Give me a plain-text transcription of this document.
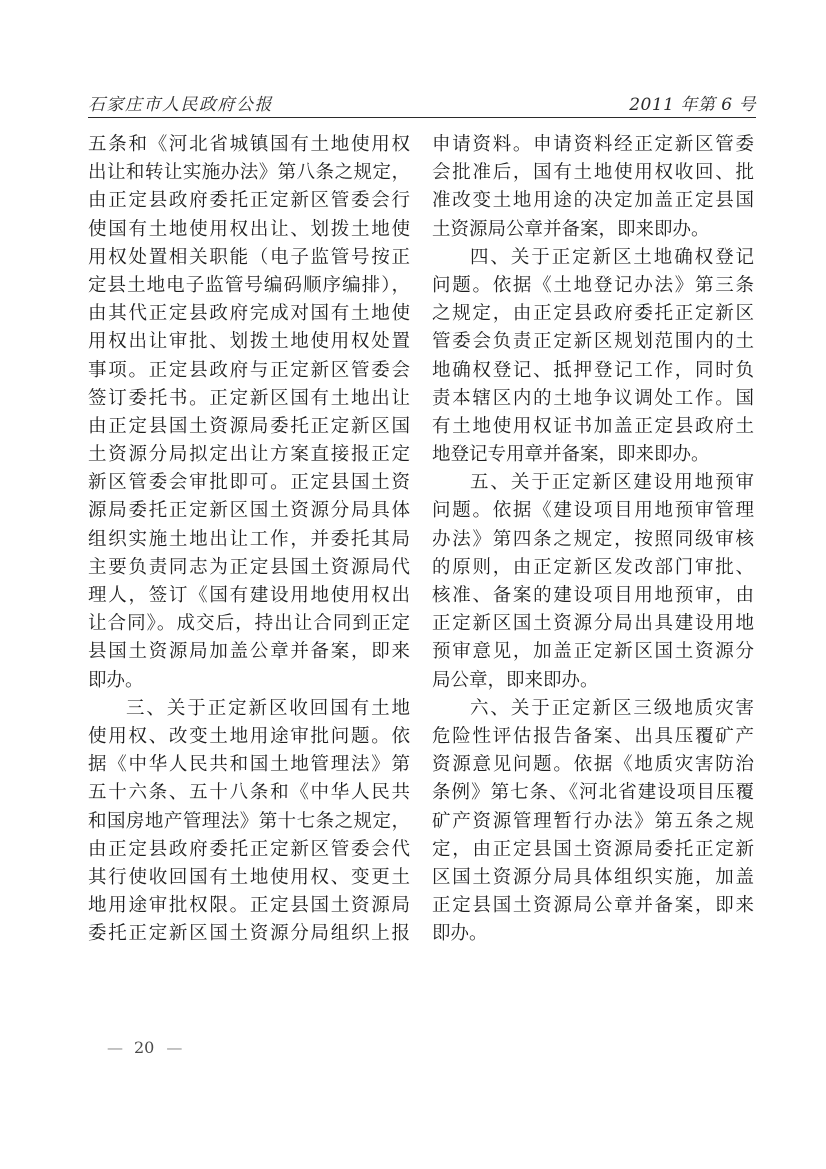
石家庄市人民政府公报	2011 年第 6 号
五条和《河北省城镇国有土地使用权
出让和转让实施办法》第八条之规定，
由正定县政府委托正定新区管委会行
使国有土地使用权出让、划拨土地使
用权处置相关职能（电子监管号按正
定县土地电子监管号编码顺序编排），
由其代正定县政府完成对国有土地使
用权出让审批、划拨土地使用权处置
事项。正定县政府与正定新区管委会
签订委托书。正定新区国有土地出让
由正定县国土资源局委托正定新区国
土资源分局拟定出让方案直接报正定
新区管委会审批即可。正定县国土资
源局委托正定新区国土资源分局具体
组织实施土地出让工作，并委托其局
主要负责同志为正定县国土资源局代
理人，签订《国有建设用地使用权出
让合同》。成交后，持出让合同到正定
县国土资源局加盖公章并备案，即来
即办。
三、关于正定新区收回国有土地
使用权、改变土地用途审批问题。依
据《中华人民共和国土地管理法》第
五十六条、五十八条和《中华人民共
和国房地产管理法》第十七条之规定，
由正定县政府委托正定新区管委会代
其行使收回国有土地使用权、变更土
地用途审批权限。正定县国土资源局
委托正定新区国土资源分局组织上报
申请资料。申请资料经正定新区管委
会批准后，国有土地使用权收回、批
准改变土地用途的决定加盖正定县国
土资源局公章并备案，即来即办。
四、关于正定新区土地确权登记
问题。依据《土地登记办法》第三条
之规定，由正定县政府委托正定新区
管委会负责正定新区规划范围内的土
地确权登记、抵押登记工作，同时负
责本辖区内的土地争议调处工作。国
有土地使用权证书加盖正定县政府土
地登记专用章并备案，即来即办。
五、关于正定新区建设用地预审
问题。依据《建设项目用地预审管理
办法》第四条之规定，按照同级审核
的原则，由正定新区发改部门审批、
核准、备案的建设项目用地预审，由
正定新区国土资源分局出具建设用地
预审意见，加盖正定新区国土资源分
局公章，即来即办。
六、关于正定新区三级地质灾害
危险性评估报告备案、出具压覆矿产
资源意见问题。依据《地质灾害防治
条例》第七条、《河北省建设项目压覆
矿产资源管理暂行办法》第五条之规
定，由正定县国土资源局委托正定新
区国土资源分局具体组织实施，加盖
正定县国土资源局公章并备案，即来
即办。
— 20 —
